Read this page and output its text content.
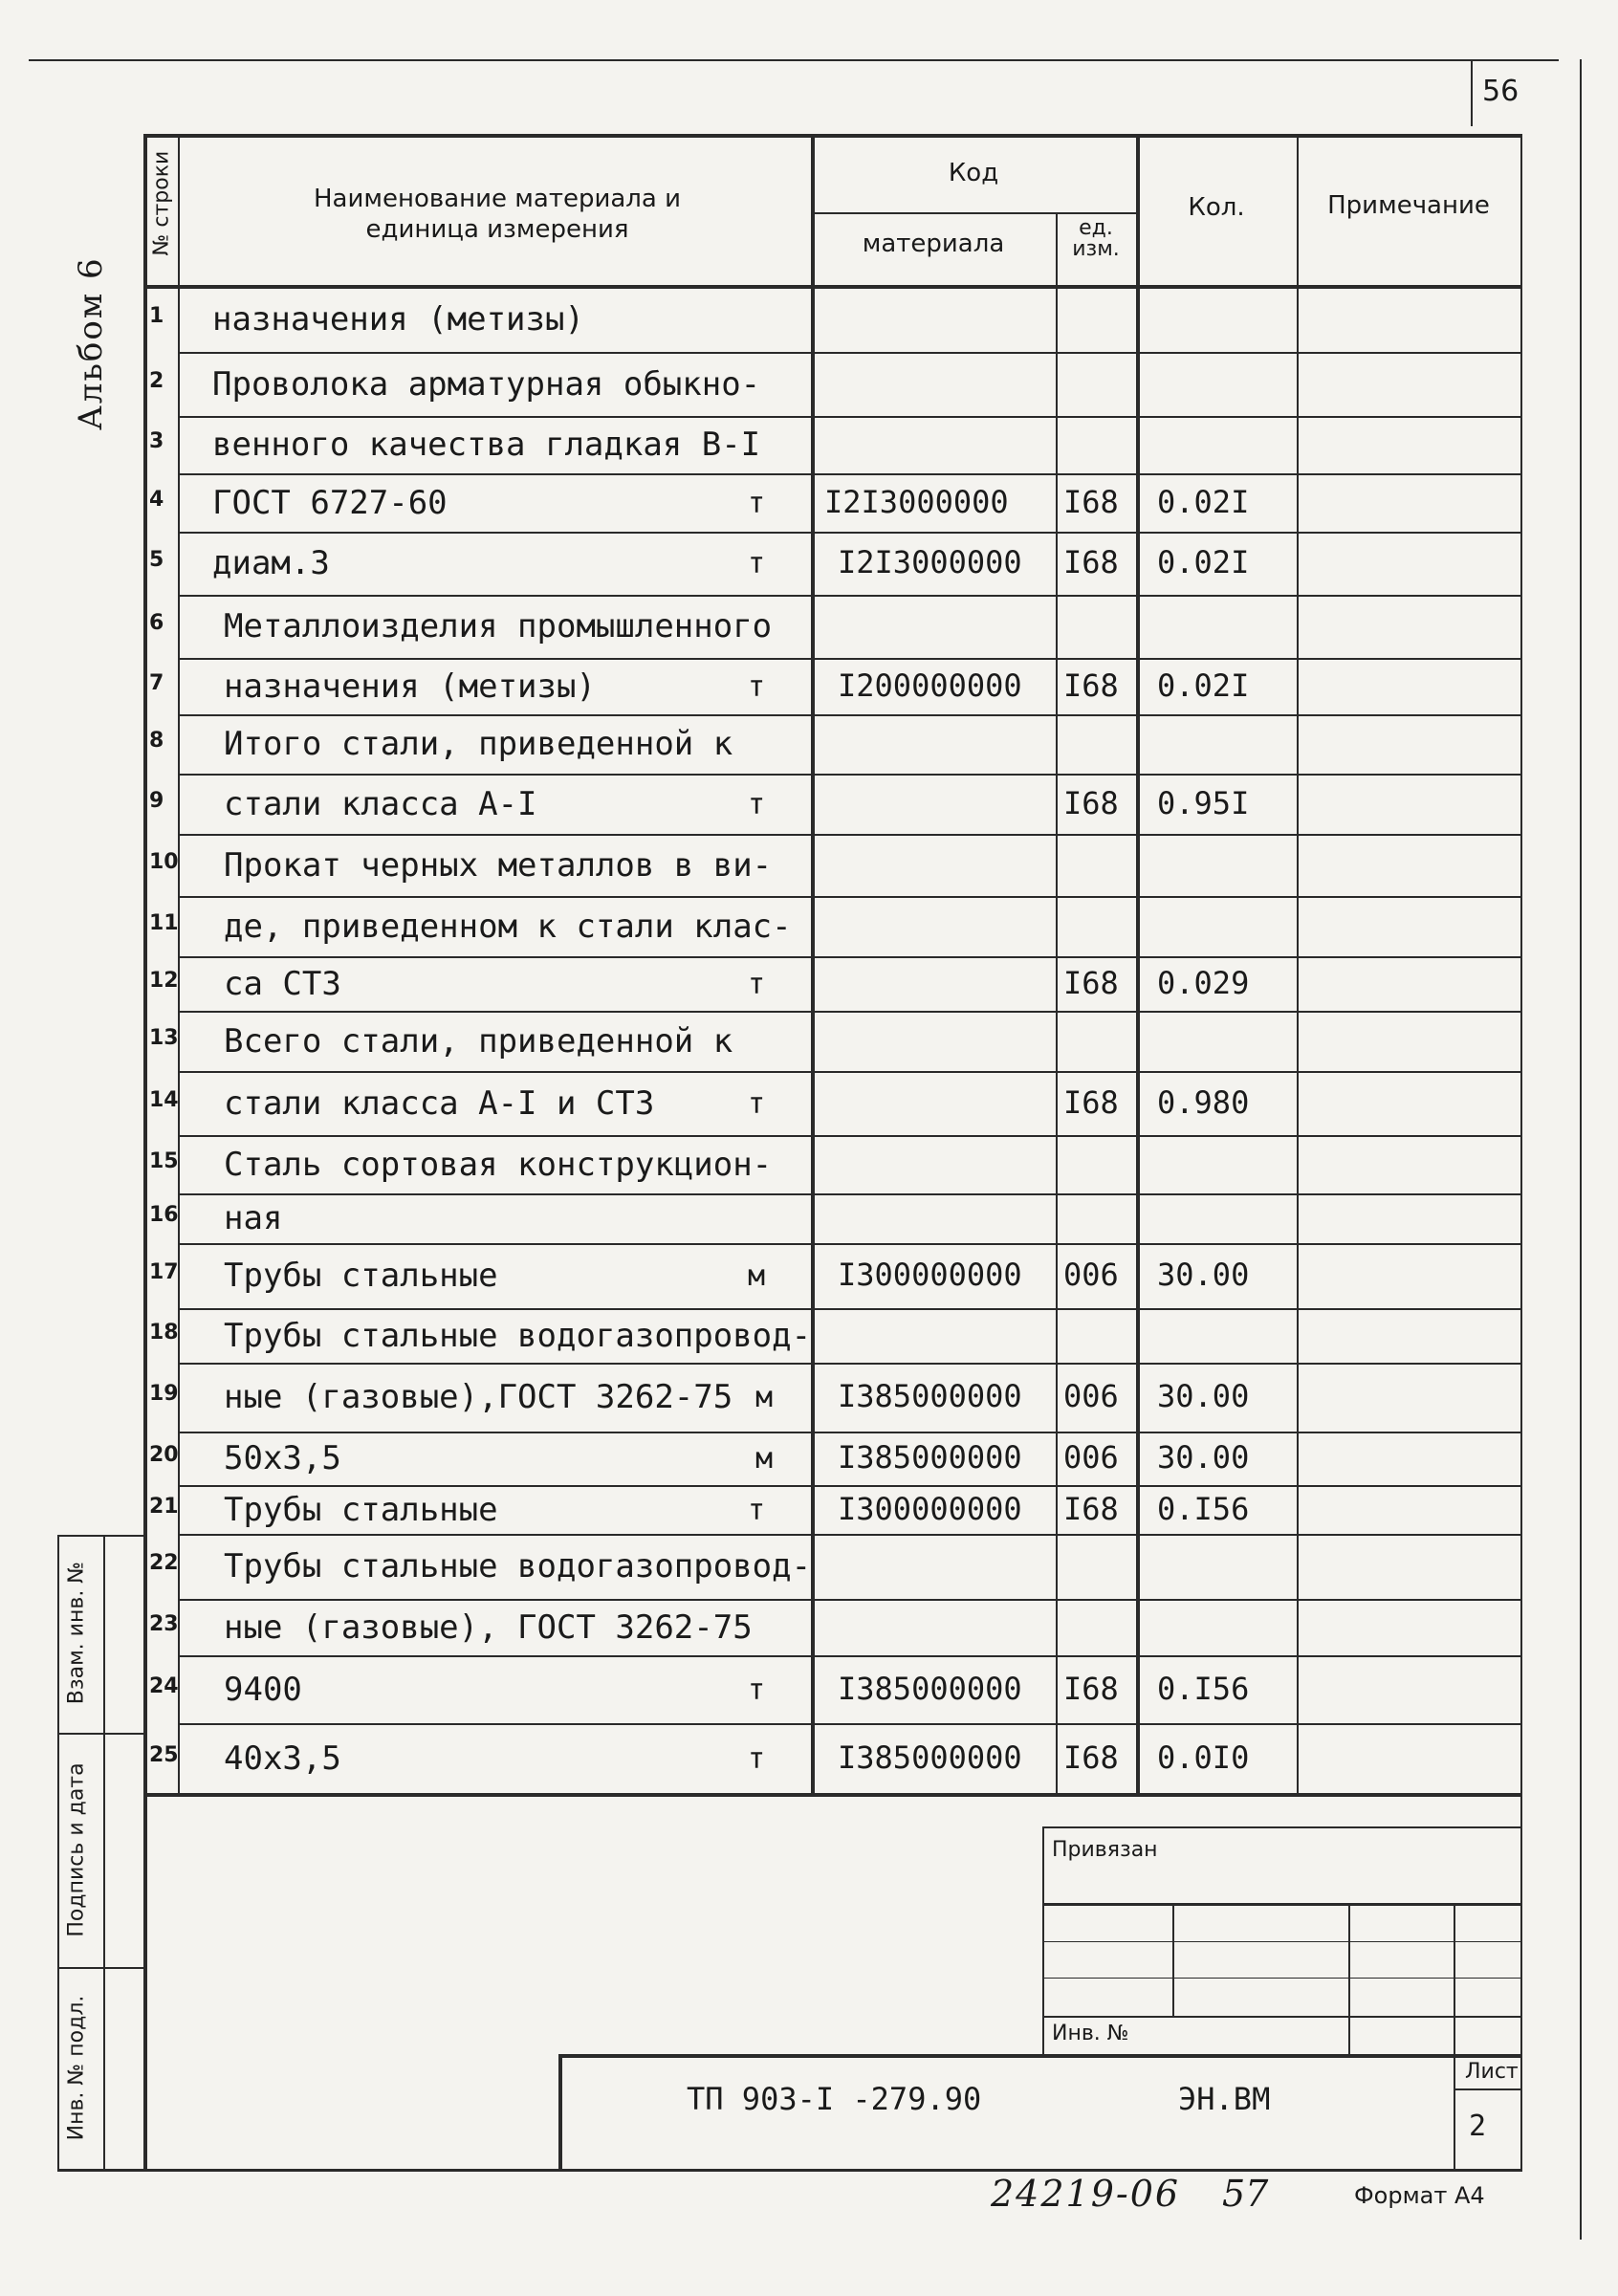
56
Альбом 6
№ строки	Наименование материала и единица измерения
Код
материала
ед. изм.
Кол.	Примечание
1 назначения (метизы)
2 Проволока арматурная обыкно-
3 венного качества гладкая В-I
4 ГОСТ 6727-60	т I2I3000000 I68 0.02I
5 диам.3	т I2I3000000 I68 0.02I
6 Металлоизделия промышленного
7 назначения (метизы)	т I200000000 I68 0.02I
8 Итого стали, приведенной к
9 стали класса А-I	т	I68 0.95I
10 Прокат черных металлов в ви-
11 де, приведенном к стали клас-
12 са СТ3	т	I68 0.029
13 Всего стали, приведенной к
14 стали класса А-I и СТ3	т	I68 0.980
15 Сталь сортовая конструкцион-
16 ная
17 Трубы стальные	м I300000000 006 30.00
18 Трубы стальные водогазопровод-
19 ные (газовые),ГОСТ 3262-75 м I385000000 006 30.00
20 50х3,5	м I385000000 006 30.00
21 Трубы стальные	т I300000000 I68 0.I56
22 Трубы стальные водогазопровод-
23 ные (газовые), ГОСТ 3262-75
24 9400	т I385000000 I68 0.I56
25 40х3,5	т I385000000 I68 0.0I0
Взам. инв. №
Подпись и дата
Инв. № подл.
Привязан
Инв. №
ТП 903-I -279.90	ЭН.ВМ
Лист
2
24219-06 57	Формат А4
